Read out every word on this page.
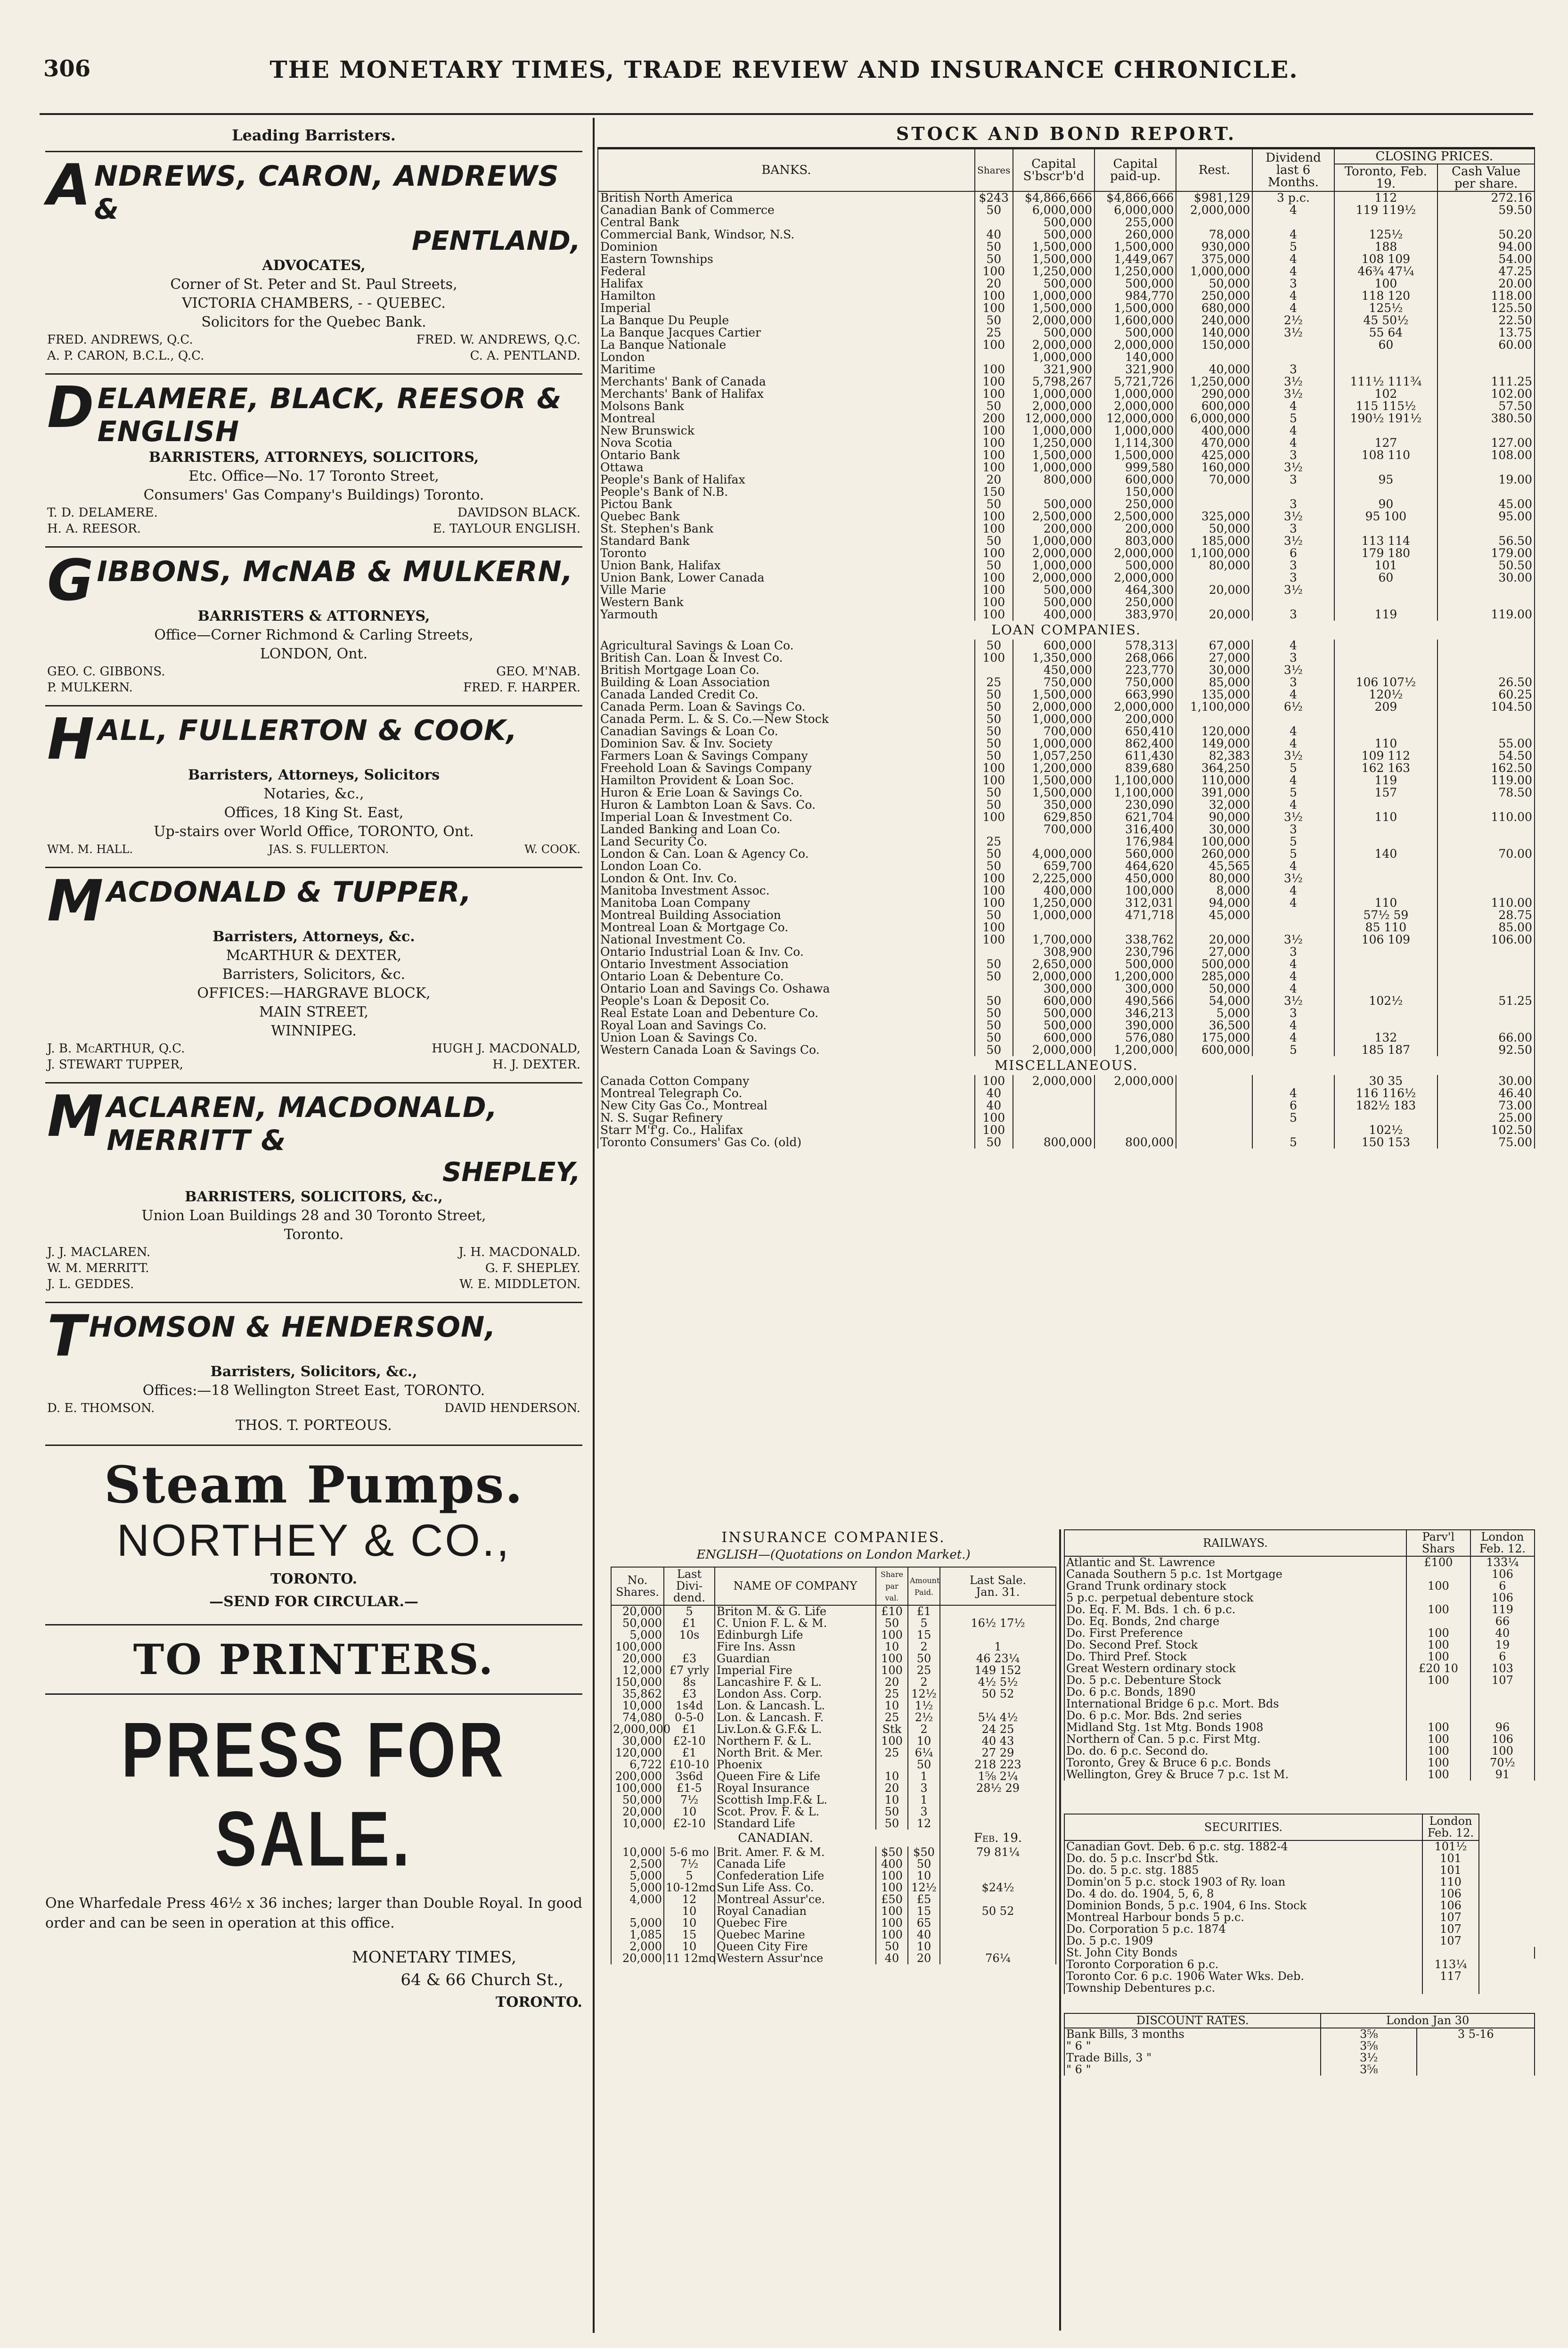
306	THE MONETARY TIMES, TRADE REVIEW AND INSURANCE CHRONICLE.
Leading Barristers.
ANDREWS, CARON, ANDREWS &
PENTLAND,
ADVOCATES,
Corner of St. Peter and St. Paul Streets,
VICTORIA CHAMBERS, - - QUEBEC.
Solicitors for the Quebec Bank.
FRED. ANDREWS, Q.C.	FRED. W. ANDREWS, Q.C.
A. P. CARON, B.C.L., Q.C.	C. A. PENTLAND.
DELAMERE, BLACK, REESOR & ENGLISH
BARRISTERS, ATTORNEYS, SOLICITORS,
Etc. Office—No. 17 Toronto Street,
Consumers' Gas Company's Buildings) Toronto.
T. D. DELAMERE.	DAVIDSON BLACK.
H. A. REESOR.	E. TAYLOUR ENGLISH.
GIBBONS, McNAB & MULKERN,
BARRISTERS & ATTORNEYS,
Office—Corner Richmond & Carling Streets,
LONDON, Ont.
GEO. C. GIBBONS.	GEO. M'NAB.
P. MULKERN.	FRED. F. HARPER.
HALL, FULLERTON & COOK,
Barristers, Attorneys, Solicitors
Notaries, &c.,
Offices, 18 King St. East,
Up-stairs over World Office, TORONTO, Ont.
WM. M. HALL.	JAS. S. FULLERTON.	W. COOK.
MACDONALD & TUPPER,
Barristers, Attorneys, &c.
McARTHUR & DEXTER,
Barristers, Solicitors, &c.
OFFICES:—HARGRAVE BLOCK,
MAIN STREET,
WINNIPEG.
J. B. McARTHUR, Q.C.	HUGH J. MACDONALD,
J. STEWART TUPPER,	H. J. DEXTER.
MACLAREN, MACDONALD, MERRITT &
SHEPLEY,
BARRISTERS, SOLICITORS, &c.,
Union Loan Buildings 28 and 30 Toronto Street,
Toronto.
J. J. MACLAREN.	J. H. MACDONALD.
W. M. MERRITT.	G. F. SHEPLEY.
J. L. GEDDES.	W. E. MIDDLETON.
THOMSON & HENDERSON,
Barristers, Solicitors, &c.,
Offices:—18 Wellington Street East, TORONTO.
D. E. THOMSON.	DAVID HENDERSON.
THOS. T. PORTEOUS.
Steam Pumps.
NORTHEY & CO.,

TORONTO.

—SEND FOR CIRCULAR.—

TO PRINTERS.
PRESS FOR SALE.

One Wharfedale Press 46½ x 36 inches; larger than Double Royal. In good order and can be seen in operation at this office.

MONETARY TIMES,

64 & 66 Church St.,

TORONTO.

STOCK AND BOND REPORT.
BANKS.	Shares	Capital S'bscr'b'd	Capital paid-up.	Rest.	Dividend last 6 Months.	CLOSING PRICES.	
						Toronto, Feb. 19.	Cash Value per share.
British North America	$243	$4,866,666	$4,866,666	$981,129	3 p.c.	112	272.16
Canadian Bank of Commerce	50	6,000,000	6,000,000	2,000,000	4	119 119½	59.50
Central Bank		500,000	255,000				
Commercial Bank, Windsor, N.S.	40	500,000	260,000	78,000	4	125½	50.20
Dominion	50	1,500,000	1,500,000	930,000	5	188	94.00
Eastern Townships	50	1,500,000	1,449,067	375,000	4	108 109	54.00
Federal	100	1,250,000	1,250,000	1,000,000	4	46¾ 47¼	47.25
Halifax	20	500,000	500,000	50,000	3	100	20.00
Hamilton	100	1,000,000	984,770	250,000	4	118 120	118.00
Imperial	100	1,500,000	1,500,000	680,000	4	125½	125.50
La Banque Du Peuple	50	2,000,000	1,600,000	240,000	2½	45 50½	22.50
La Banque Jacques Cartier	25	500,000	500,000	140,000	3½	55 64	13.75
La Banque Nationale	100	2,000,000	2,000,000	150,000		60	60.00
London		1,000,000	140,000				
Maritime	100	321,900	321,900	40,000	3		
Merchants' Bank of Canada	100	5,798,267	5,721,726	1,250,000	3½	111½ 111¾	111.25
Merchants' Bank of Halifax	100	1,000,000	1,000,000	290,000	3½	102	102.00
Molsons Bank	50	2,000,000	2,000,000	600,000	4	115 115½	57.50
Montreal	200	12,000,000	12,000,000	6,000,000	5	190½ 191½	380.50
New Brunswick	100	1,000,000	1,000,000	400,000	4		
Nova Scotia	100	1,250,000	1,114,300	470,000	4	127	127.00
Ontario Bank	100	1,500,000	1,500,000	425,000	3	108 110	108.00
Ottawa	100	1,000,000	999,580	160,000	3½		
People's Bank of Halifax	20	800,000	600,000	70,000	3	95	19.00
People's Bank of N.B.	150		150,000				
Pictou Bank	50	500,000	250,000		3	90	45.00
Quebec Bank	100	2,500,000	2,500,000	325,000	3½	95 100	95.00
St. Stephen's Bank	100	200,000	200,000	50,000	3		
Standard Bank	50	1,000,000	803,000	185,000	3½	113 114	56.50
Toronto	100	2,000,000	2,000,000	1,100,000	6	179 180	179.00
Union Bank, Halifax	50	1,000,000	500,000	80,000	3	101	50.50
Union Bank, Lower Canada	100	2,000,000	2,000,000		3	60	30.00
Ville Marie	100	500,000	464,300	20,000	3½		
Western Bank	100	500,000	250,000				
Yarmouth	100	400,000	383,970	20,000	3	119	119.00
LOAN COMPANIES.							
Agricultural Savings & Loan Co.	50	600,000	578,313	67,000	4		
British Can. Loan & Invest Co.	100	1,350,000	268,066	27,000	3		
British Mortgage Loan Co.		450,000	223,770	30,000	3½		
Building & Loan Association	25	750,000	750,000	85,000	3	106 107½	26.50
Canada Landed Credit Co.	50	1,500,000	663,990	135,000	4	120½	60.25
Canada Perm. Loan & Savings Co.	50	2,000,000	2,000,000	1,100,000	6½	209	104.50
Canada Perm. L. & S. Co.—New Stock	50	1,000,000	200,000				
Canadian Savings & Loan Co.	50	700,000	650,410	120,000	4		
Dominion Sav. & Inv. Society	50	1,000,000	862,400	149,000	4	110	55.00
Farmers Loan & Savings Company	50	1,057,250	611,430	82,383	3½	109 112	54.50
Freehold Loan & Savings Company	100	1,200,000	839,680	364,250	5	162 163	162.50
Hamilton Provident & Loan Soc.	100	1,500,000	1,100,000	110,000	4	119	119.00
Huron & Erie Loan & Savings Co.	50	1,500,000	1,100,000	391,000	5	157	78.50
Huron & Lambton Loan & Savs. Co.	50	350,000	230,090	32,000	4		
Imperial Loan & Investment Co.	100	629,850	621,704	90,000	3½	110	110.00
Landed Banking and Loan Co.		700,000	316,400	30,000	3		
Land Security Co.	25		176,984	100,000	5		
London & Can. Loan & Agency Co.	50	4,000,000	560,000	260,000	5	140	70.00
London Loan Co.	50	659,700	464,620	45,565	4		
London & Ont. Inv. Co.	100	2,225,000	450,000	80,000	3½		
Manitoba Investment Assoc.	100	400,000	100,000	8,000	4		
Manitoba Loan Company	100	1,250,000	312,031	94,000	4	110	110.00
Montreal Building Association	50	1,000,000	471,718	45,000		57½ 59	28.75
Montreal Loan & Mortgage Co.	100					85 110	85.00
National Investment Co.	100	1,700,000	338,762	20,000	3½	106 109	106.00
Ontario Industrial Loan & Inv. Co.		308,900	230,796	27,000	3		
Ontario Investment Association	50	2,650,000	500,000	500,000	4		
Ontario Loan & Debenture Co.	50	2,000,000	1,200,000	285,000	4		
Ontario Loan and Savings Co. Oshawa		300,000	300,000	50,000	4		
People's Loan & Deposit Co.	50	600,000	490,566	54,000	3½	102½	51.25
Real Estate Loan and Debenture Co.	50	500,000	346,213	5,000	3		
Royal Loan and Savings Co.	50	500,000	390,000	36,500	4		
Union Loan & Savings Co.	50	600,000	576,080	175,000	4	132	66.00
Western Canada Loan & Savings Co.	50	2,000,000	1,200,000	600,000	5	185 187	92.50
MISCELLANEOUS.							
Canada Cotton Company	100	2,000,000	2,000,000			30 35	30.00
Montreal Telegraph Co.	40				4	116 116½	46.40
New City Gas Co., Montreal	40				6	182½ 183	73.00
N. S. Sugar Refinery	100				5		25.00
Starr M'f'g. Co., Halifax	100					102½	102.50
Toronto Consumers' Gas Co. (old)	50	800,000	800,000		5	150 153	75.00
INSURANCE COMPANIES.
ENGLISH—(Quotations on London Market.)
No. Shares.	Last Divi-dend.	NAME OF COMPANY	Share par val.	Amount Paid.	Last Sale.
Jan. 31.
20,000	5	Briton M. & G. Life	£10	£1	
50,000	£1	C. Union F. L. & M.	50	5	16½ 17½
5,000	10s	Edinburgh Life	100	15	
100,000		Fire Ins. Assn	10	2	1
20,000	£3	Guardian	100	50	46 23¼
12,000	£7 yrly	Imperial Fire	100	25	149 152
150,000	8s	Lancashire F. & L.	20	2	4½ 5½
35,862	£3	London Ass. Corp.	25	12½	50 52
10,000	1s4d	Lon. & Lancash. L.	10	1½	
74,080	0-5-0	Lon. & Lancash. F.	25	2½	5¼ 4½
2,000,000	£1	Liv.Lon.& G.F.& L.	Stk	2	24 25
30,000	£2-10	Northern F. & L.	100	10	40 43
120,000	£1	North Brit. & Mer.	25	6¼	27 29
6,722	£10-10	Phoenix		50	218 223
200,000	3s6d	Queen Fire & Life	10	1	1⅝ 2¼
100,000	£1-5	Royal Insurance	20	3	28½ 29
50,000	7½	Scottish Imp.F.& L.	10	1	
20,000	10	Scot. Prov. F. & L.	50	3	
10,000	£2-10	Standard Life	50	12	
CANADIAN.					Feb. 19.
10,000	5-6 mo	Brit. Amer. F. & M.	$50	$50	79 81¼
2,500	7½	Canada Life	400	50	
5,000	5	Confederation Life	100	10	
5,000	10-12mo	Sun Life Ass. Co.	100	12½	$24½
4,000	12	Montreal Assur'ce.	£50	£5	
	10	Royal Canadian	100	15	50 52
5,000	10	Quebec Fire	100	65	
1,085	15	Quebec Marine	100	40	
2,000	10	Queen City Fire	50	10	
20,000	11 12mo	Western Assur'nce	40	20	76¼
RAILWAYS.	Parv'l Shars	London Feb. 12.
Atlantic and St. Lawrence	£100	133¼
Canada Southern 5 p.c. 1st Mortgage		106
Grand Trunk ordinary stock	100	6
5 p.c. perpetual debenture stock		106
Do. Eq. F. M. Bds. 1 ch. 6 p.c.	100	119
Do. Eq. Bonds, 2nd charge		66
Do. First Preference	100	40
Do. Second Pref. Stock	100	19
Do. Third Pref. Stock	100	6
Great Western ordinary stock	£20 10	103
Do. 5 p.c. Debenture Stock	100	107
Do. 6 p.c. Bonds, 1890		
International Bridge 6 p.c. Mort. Bds		
Do. 6 p.c. Mor. Bds. 2nd series		
Midland Stg. 1st Mtg. Bonds 1908	100	96
Northern of Can. 5 p.c. First Mtg.	100	106
Do. do. 6 p.c. Second do.	100	100
Toronto, Grey & Bruce 6 p.c. Bonds	100	70½
Wellington, Grey & Bruce 7 p.c. 1st M.	100	91
SECURITIES.	London Feb. 12.	
Canadian Govt. Deb. 6 p.c. stg. 1882-4	101½	
Do. do. 5 p.c. Inscr'bd Stk.	101	
Do. do. 5 p.c. stg. 1885	101	
Domin'on 5 p.c. stock 1903 of Ry. loan	110	
Do. 4 do. do. 1904, 5, 6, 8	106	
Dominion Bonds, 5 p.c. 1904, 6 Ins. Stock	106	
Montreal Harbour bonds 5 p.c.	107	
Do. Corporation 5 p.c. 1874	107	
Do. 5 p.c. 1909	107	
St. John City Bonds		
Toronto Corporation 6 p.c.	113¼	
Toronto Cor. 6 p.c. 1906 Water Wks. Deb.	117	
Township Debentures p.c.		
DISCOUNT RATES.	London Jan 30	
Bank Bills, 3 months	3⅝	3 5-16
" 6 "	3⅝	
Trade Bills, 3 "	3½	
" 6 "	3⅝	
